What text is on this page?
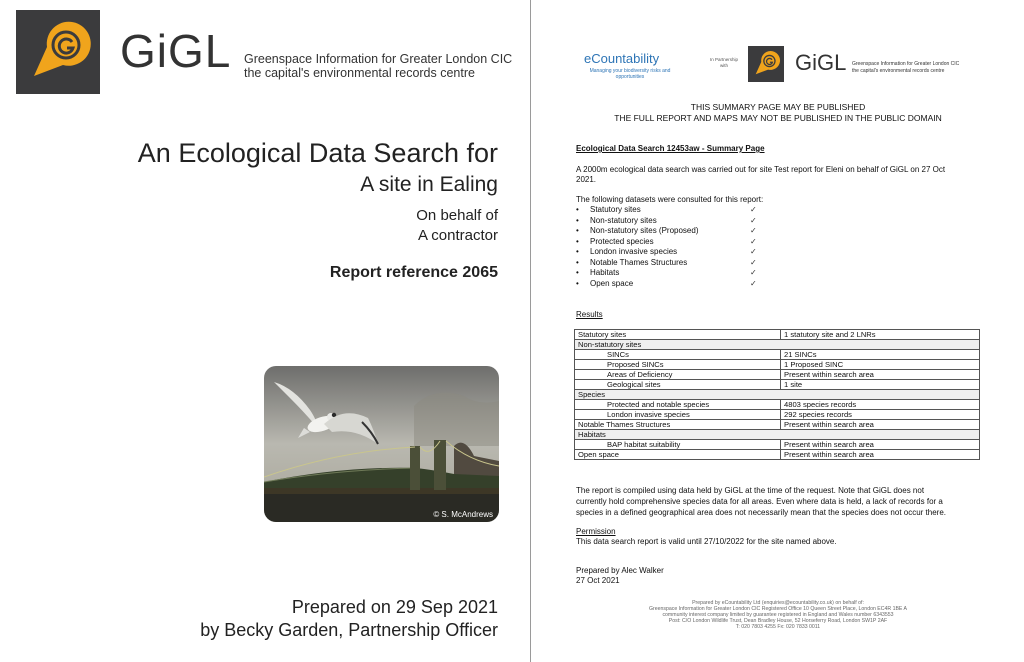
GiGL Greenspace Information for Greater London CIC
the capital's environmental records centre
An Ecological Data Search for
A site in Ealing
On behalf of
A contractor
Report reference 2065
© S. McAndrews
Prepared on 29 Sep 2021
by Becky Garden, Partnership Officer
eCountability
Managing your biodiversity risks and opportunities
In Partnership with	GiGL Greenspace Information for Greater London CIC
the capital's environmental records centre
THIS SUMMARY PAGE MAY BE PUBLISHED
THE FULL REPORT AND MAPS MAY NOT BE PUBLISHED IN THE PUBLIC DOMAIN
Ecological Data Search 12453aw - Summary Page
A 2000m ecological data search was carried out for site Test report for Eleni on behalf of GiGL on 27 Oct
2021.
The following datasets were consulted for this report:
• Statutory sites	✓
• Non-statutory sites	✓
• Non-statutory sites (Proposed)	✓
• Protected species	✓
• London invasive species	✓
• Notable Thames Structures	✓
• Habitats	✓
• Open space	✓
Results
Statutory sites	1 statutory site and 2 LNRs
Non-statutory sites	
SINCs	21 SINCs
Proposed SINCs	1 Proposed SINC
Areas of Deficiency	Present within search area
Geological sites	1 site
Species	
Protected and notable species	4803 species records
London invasive species	292 species records
Notable Thames Structures	Present within search area
Habitats	
BAP habitat suitability	Present within search area
Open space	Present within search area
The report is compiled using data held by GiGL at the time of the request. Note that GiGL does not
currently hold comprehensive species data for all areas. Even where data is held, a lack of records for a
species in a defined geographical area does not necessarily mean that the species does not occur there.
Permission
This data search report is valid until 27/10/2022 for the site named above.
Prepared by Alec Walker
27 Oct 2021
Prepared by eCountability Ltd (enquiries@ecountability.co.uk) on behalf of:
Greenspace Information for Greater London CIC Registered Office 10 Queen Street Place, London EC4R 1BE A
community interest company limited by guarantee registered in England and Wales number 6343553
Post: C/O London Wildlife Trust, Dean Bradley House, 52 Horseferry Road, London SW1P 2AF
T: 020 7803 4255 Fx: 020 7833 0011
